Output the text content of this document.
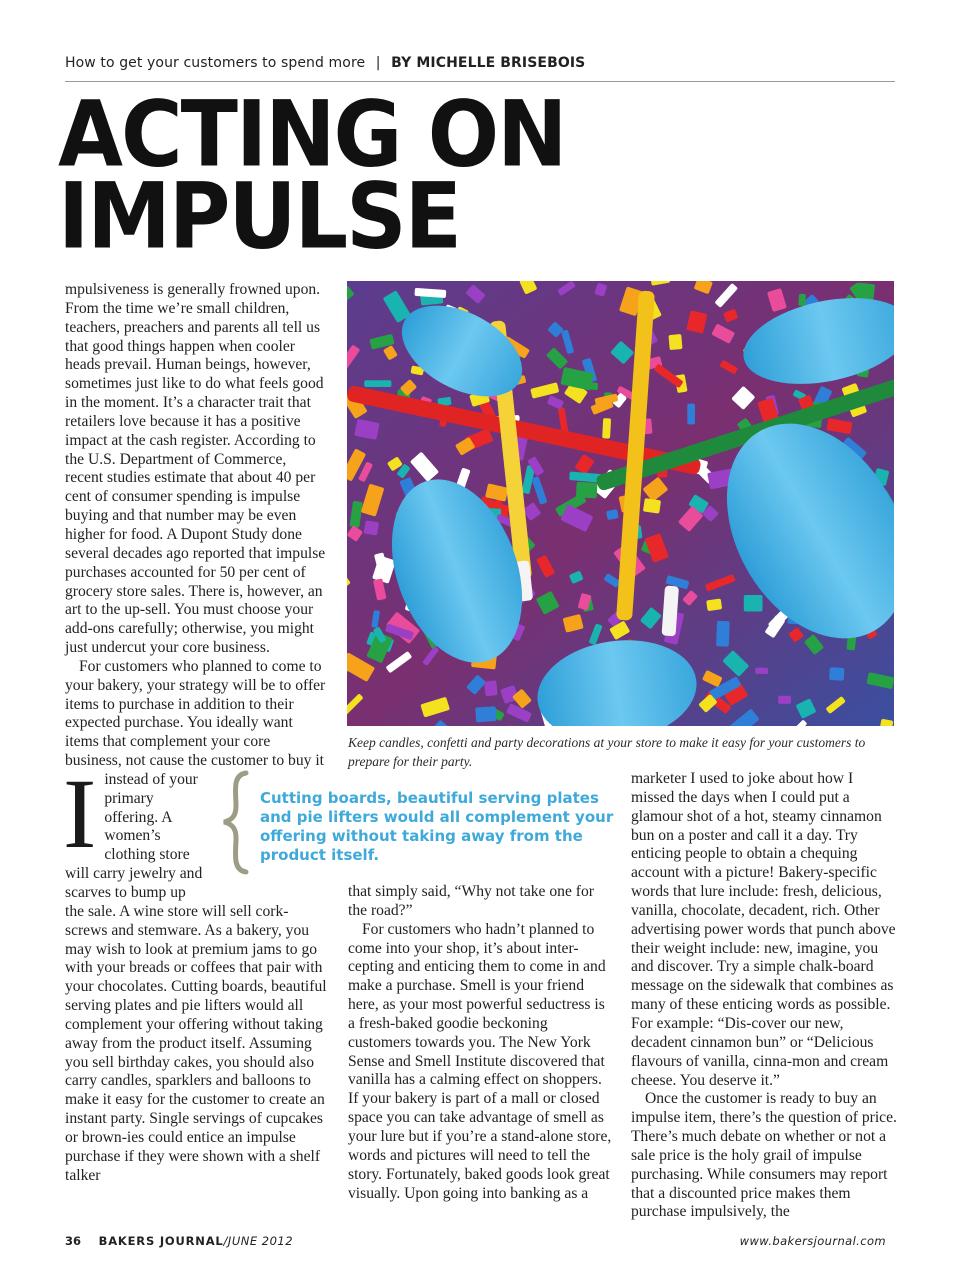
How to get your customers to spend more | BY MICHELLE BRISEBOIS
ACTING ON
IMPULSE

I
mpulsiveness is generally frowned upon. From the time we’re small children, teachers, preachers and parents all tell us that good things happen when cooler heads prevail. Human beings, however, sometimes just like to do what feels good in the moment. It’s a character trait that retailers love because it has a positive impact at the cash register. According to the U.S. Department of Commerce, recent studies estimate that about 40 per cent of consumer spending is impulse buying and that number may be even higher for food. A Dupont Study done several decades ago reported that impulse purchases accounted for 50 per cent of grocery store sales. There is, however, an art to the up-sell. You must choose your add-ons carefully; otherwise, you might just undercut your core business.

For customers who planned to come to your bakery, your strategy will be to offer items to purchase in addition to their expected purchase. You ideally want items that complement your core business, not cause the customer to buy it instead of your primary offering. A women’s clothing store will carry jewelry and scarves to bump up the sale. A wine store will sell cork-screws and stemware. As a bakery, you may wish to look at premium jams to go with your breads or coffees that pair with your chocolates. Cutting boards, beautiful serving plates and pie lifters would all complement your offering without taking away from the product itself. Assuming you sell birthday cakes, you should also carry candles, sparklers and balloons to make it easy for the customer to create an instant party. Single servings of cupcakes or brown-ies could entice an impulse purchase if they were shown with a shelf talker

Keep candles, confetti and party decorations at your store to make it easy for your customers to prepare for their party.
Cutting boards, beautiful serving plates and pie lifters would all complement your offering without taking away from the product itself.

that simply said, “Why not take one for the road?”

For customers who hadn’t planned to come into your shop, it’s about inter-cepting and enticing them to come in and make a purchase. Smell is your friend here, as your most powerful seductress is a fresh-baked goodie beckoning customers towards you. The New York Sense and Smell Institute discovered that vanilla has a calming effect on shoppers. If your bakery is part of a mall or closed space you can take advantage of smell as your lure but if you’re a stand-alone store, words and pictures will need to tell the story. Fortunately, baked goods look great visually. Upon going into banking as a

marketer I used to joke about how I missed the days when I could put a glamour shot of a hot, steamy cinnamon bun on a poster and call it a day. Try enticing people to obtain a chequing account with a picture! Bakery-specific words that lure include: fresh, delicious, vanilla, chocolate, decadent, rich. Other advertising power words that punch above their weight include: new, imagine, you and discover. Try a simple chalk-board message on the sidewalk that combines as many of these enticing words as possible. For example: “Dis-cover our new, decadent cinnamon bun” or “Delicious flavours of vanilla, cinna-mon and cream cheese. You deserve it.”

Once the customer is ready to buy an impulse item, there’s the question of price. There’s much debate on whether or not a sale price is the holy grail of impulse purchasing. While consumers may report that a discounted price makes them purchase impulsively, the

36 BAKERS JOURNAL/JUNE 2012	www.bakersjournal.com
